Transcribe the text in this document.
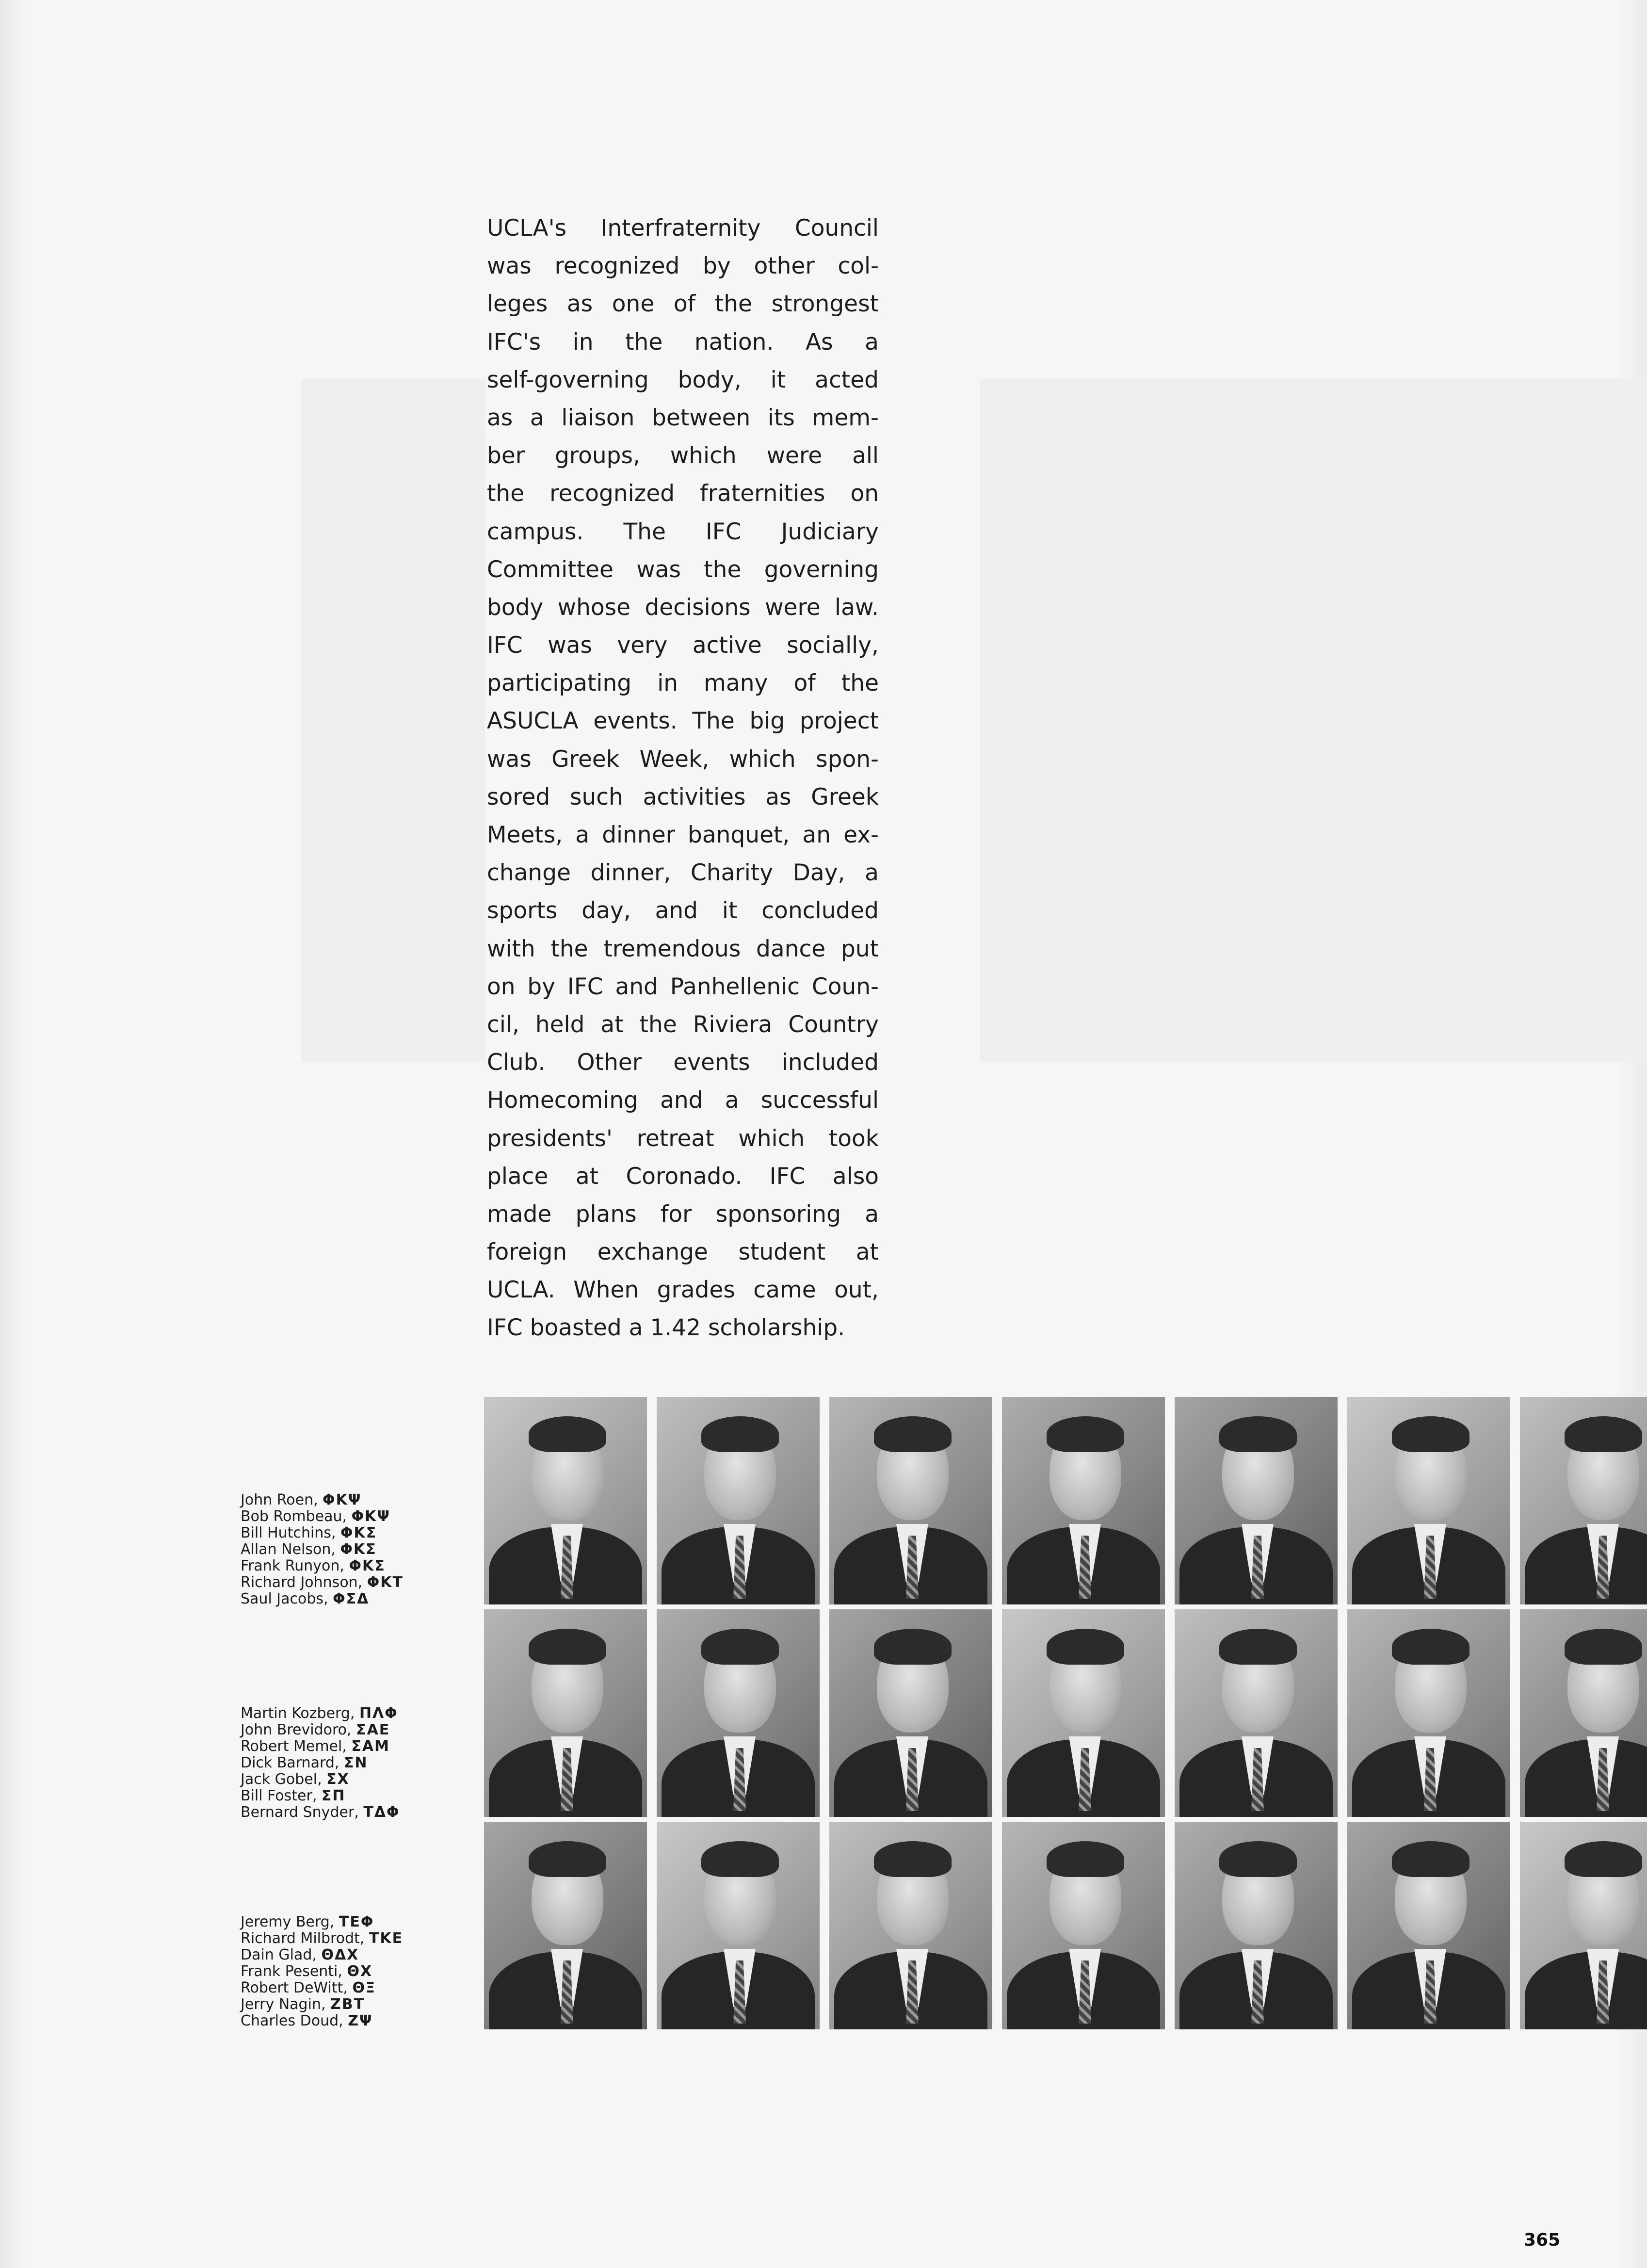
UCLA's Interfraternity Council
was recognized by other col-
leges as one of the strongest
IFC's in the nation. As a
self-governing body, it acted
as a liaison between its mem-
ber groups, which were all
the recognized fraternities on
campus. The IFC Judiciary
Committee was the governing
body whose decisions were law.
IFC was very active socially,
participating in many of the
ASUCLA events. The big project
was Greek Week, which spon-
sored such activities as Greek
Meets, a dinner banquet, an ex-
change dinner, Charity Day, a
sports day, and it concluded
with the tremendous dance put
on by IFC and Panhellenic Coun-
cil, held at the Riviera Country
Club. Other events included
Homecoming and a successful
presidents' retreat which took
place at Coronado. IFC also
made plans for sponsoring a
foreign exchange student at
UCLA. When grades came out,
IFC boasted a 1.42 scholarship.
John Roen, ΦΚΨ
Bob Rombeau, ΦΚΨ
Bill Hutchins, ΦΚΣ
Allan Nelson, ΦΚΣ
Frank Runyon, ΦΚΣ
Richard Johnson, ΦΚΤ
Saul Jacobs, ΦΣΔ
Martin Kozberg, ΠΛΦ
John Brevidoro, ΣΑΕ
Robert Memel, ΣΑΜ
Dick Barnard, ΣΝ
Jack Gobel, ΣΧ
Bill Foster, ΣΠ
Bernard Snyder, ΤΔΦ
Jeremy Berg, ΤΕΦ
Richard Milbrodt, ΤΚΕ
Dain Glad, ΘΔΧ
Frank Pesenti, ΘΧ
Robert DeWitt, ΘΞ
Jerry Nagin, ΖΒΤ
Charles Doud, ΖΨ
365
